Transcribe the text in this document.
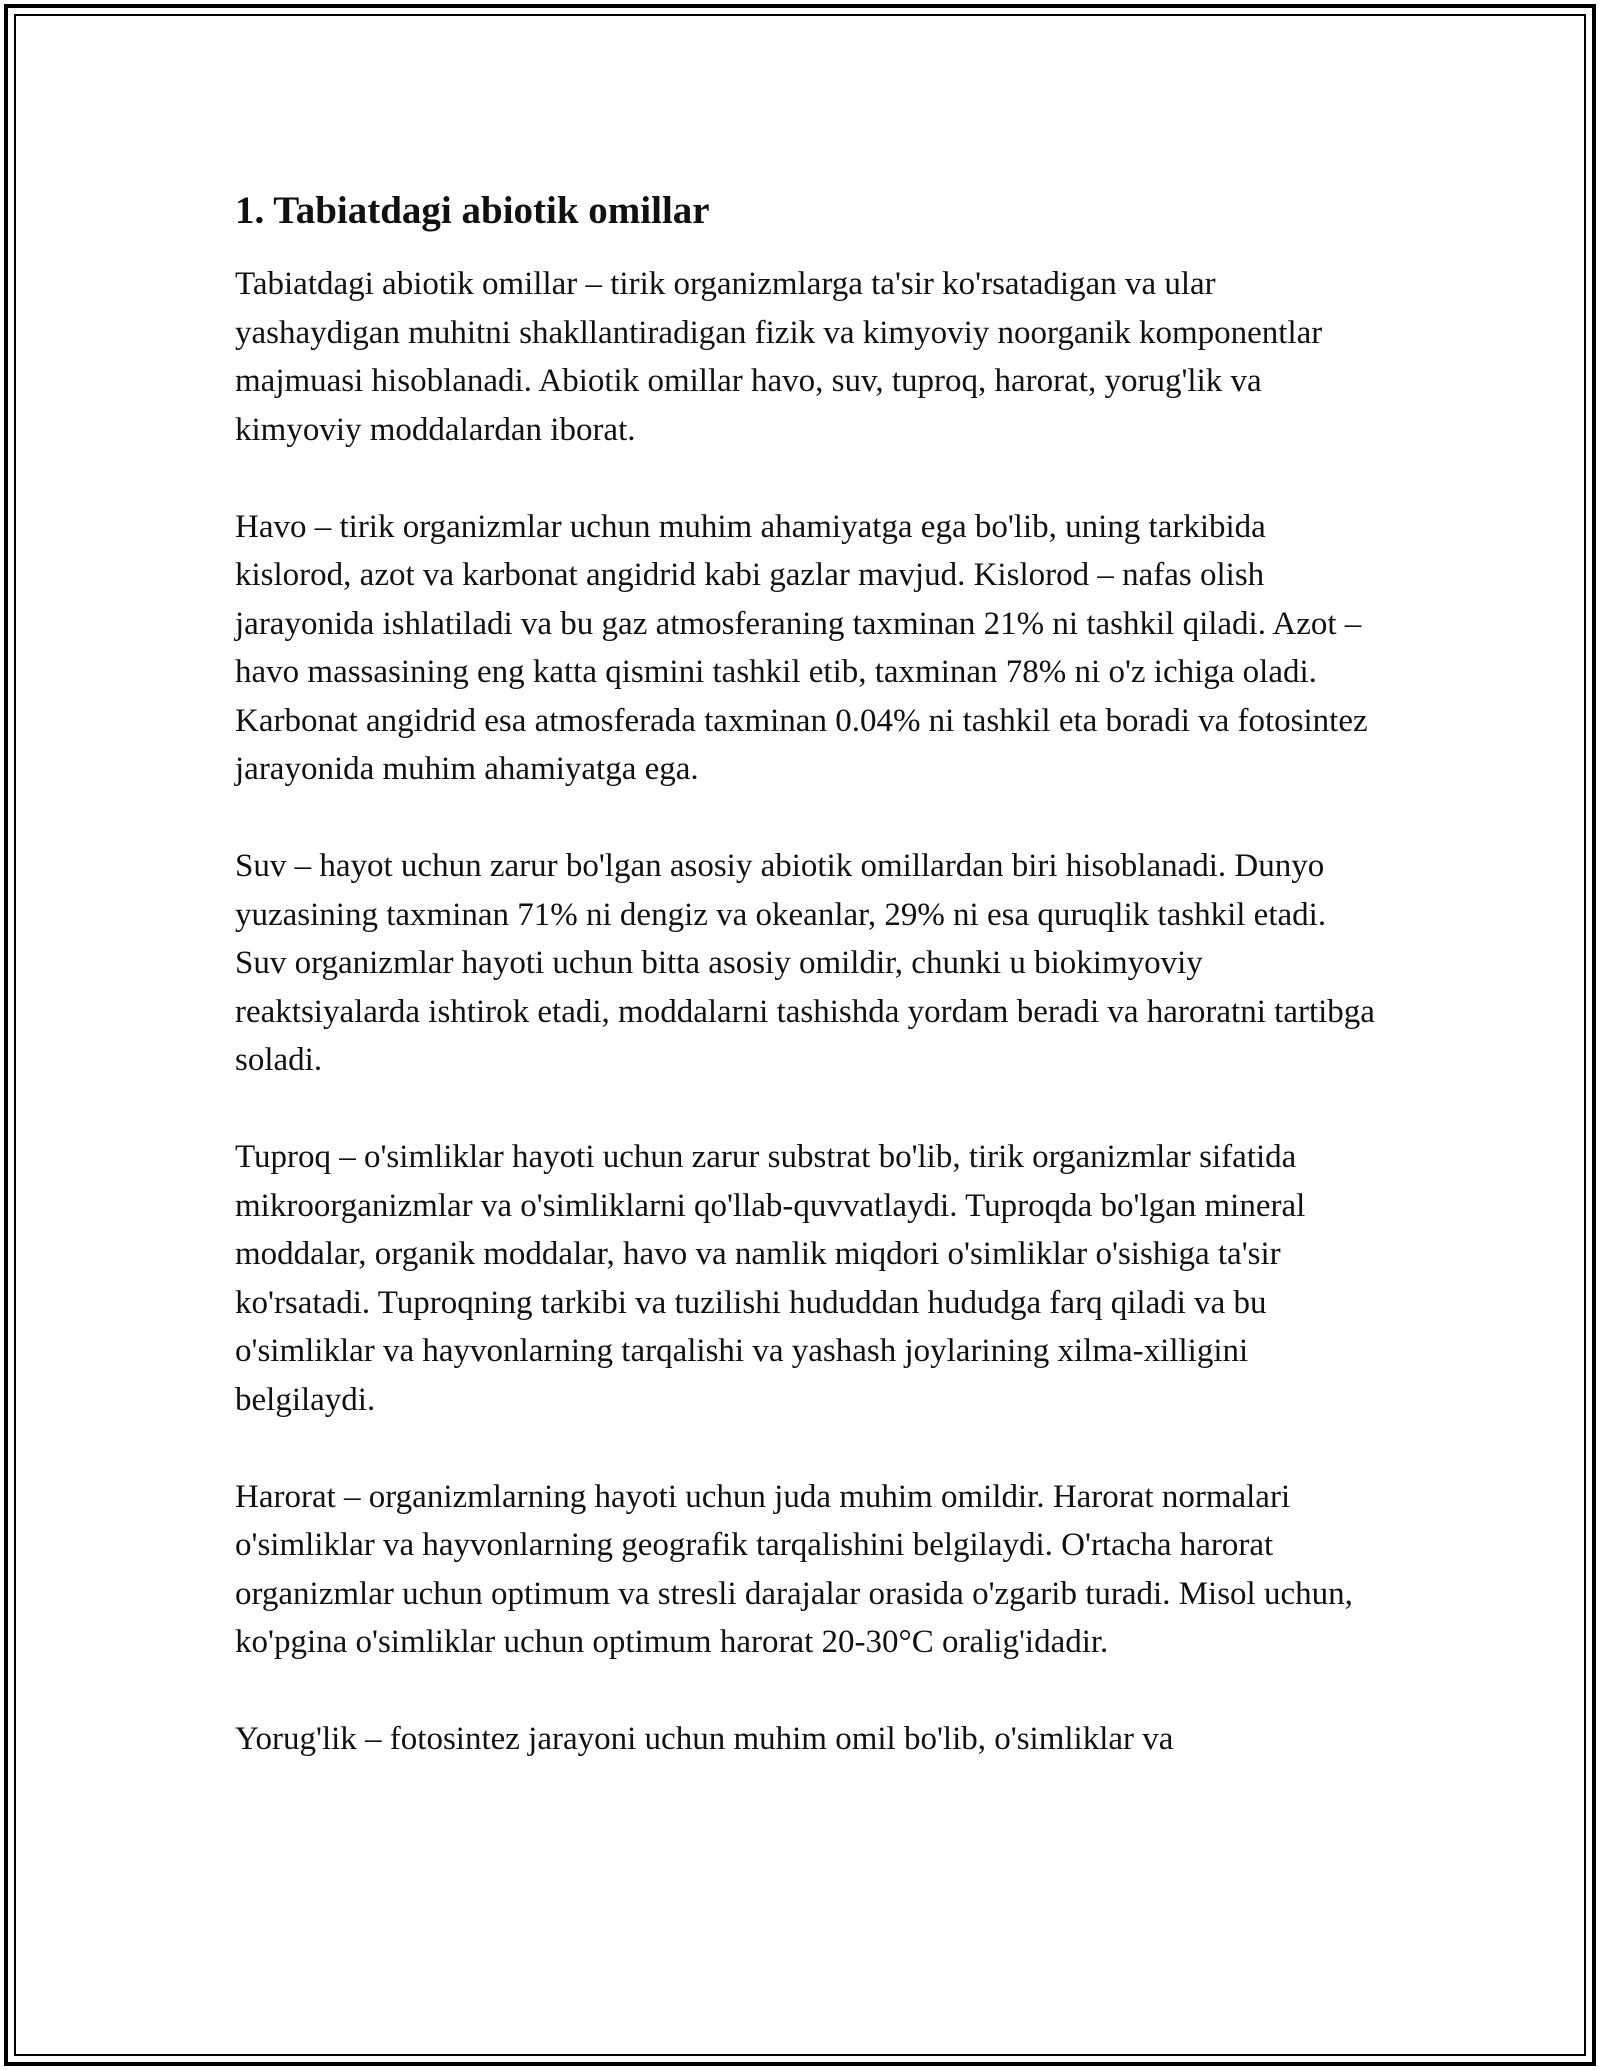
1. Tabiatdagi abiotik omillar

Tabiatdagi abiotik omillar – tirik organizmlarga ta'sir ko'rsatadigan va ular yashaydigan muhitni shakllantiradigan fizik va kimyoviy noorganik komponentlar majmuasi hisoblanadi. Abiotik omillar havo, suv, tuproq, harorat, yorug'lik va kimyoviy moddalardan iborat.

Havo – tirik organizmlar uchun muhim ahamiyatga ega bo'lib, uning tarkibida kislorod, azot va karbonat angidrid kabi gazlar mavjud. Kislorod – nafas olish jarayonida ishlatiladi va bu gaz atmosferaning taxminan 21% ni tashkil qiladi. Azot – havo massasining eng katta qismini tashkil etib, taxminan 78% ni o'z ichiga oladi. Karbonat angidrid esa atmosferada taxminan 0.04% ni tashkil eta boradi va fotosintez jarayonida muhim ahamiyatga ega.

Suv – hayot uchun zarur bo'lgan asosiy abiotik omillardan biri hisoblanadi. Dunyo yuzasining taxminan 71% ni dengiz va okeanlar, 29% ni esa quruqlik tashkil etadi. Suv organizmlar hayoti uchun bitta asosiy omildir, chunki u biokimyoviy reaktsiyalarda ishtirok etadi, moddalarni tashishda yordam beradi va haroratni tartibga soladi.

Tuproq – o'simliklar hayoti uchun zarur substrat bo'lib, tirik organizmlar sifatida mikroorganizmlar va o'simliklarni qo'llab-quvvatlaydi. Tuproqda bo'lgan mineral moddalar, organik moddalar, havo va namlik miqdori o'simliklar o'sishiga ta'sir ko'rsatadi. Tuproqning tarkibi va tuzilishi hududdan hududga farq qiladi va bu o'simliklar va hayvonlarning tarqalishi va yashash joylarining xilma-xilligini belgilaydi.

Harorat – organizmlarning hayoti uchun juda muhim omildir. Harorat normalari o'simliklar va hayvonlarning geografik tarqalishini belgilaydi. O'rtacha harorat organizmlar uchun optimum va stresli darajalar orasida o'zgarib turadi. Misol uchun, ko'pgina o'simliklar uchun optimum harorat 20-30°C oralig'idadir.

Yorug'lik – fotosintez jarayoni uchun muhim omil bo'lib, o'simliklar va
